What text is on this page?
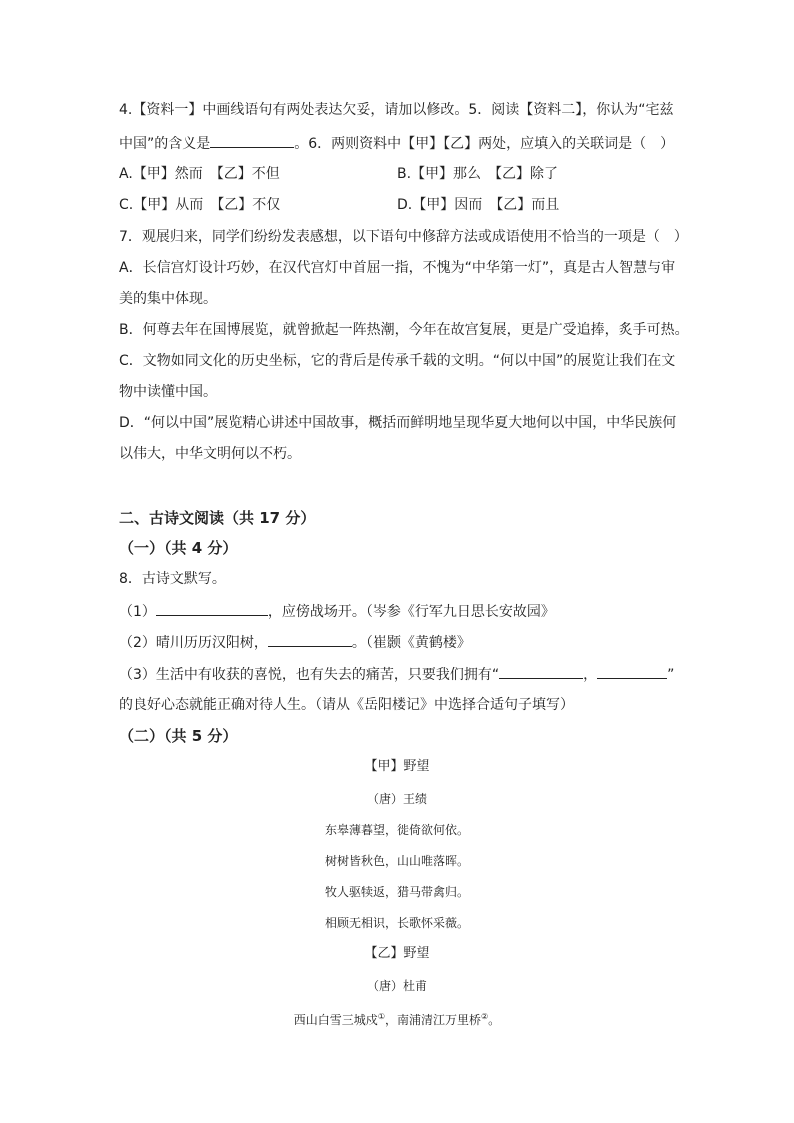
4.【资料一】中画线语句有两处表达欠妥，请加以修改。5．阅读【资料二】，你认为“宅兹
中国”的含义是	。6．两则资料中【甲】【乙】两处，应填入的关联词是（　）
A.【甲】然而　【乙】不但	B.【甲】那么　【乙】除了
C.【甲】从而　【乙】不仅	D.【甲】因而　【乙】而且
7．观展归来，同学们纷纷发表感想，以下语句中修辞方法或成语使用不恰当的一项是（　）
A．长信宫灯设计巧妙，在汉代宫灯中首屈一指，不愧为“中华第一灯”，真是古人智慧与审
美的集中体现。
B．何尊去年在国博展览，就曾掀起一阵热潮，今年在故宫复展，更是广受追捧，炙手可热。
C．文物如同文化的历史坐标，它的背后是传承千载的文明。“何以中国”的展览让我们在文
物中读懂中国。
D．“何以中国”展览精心讲述中国故事，概括而鲜明地呈现华夏大地何以中国，中华民族何
以伟大，中华文明何以不朽。
二、古诗文阅读（共 17 分）
（一）（共 4 分）
8．古诗文默写。
（1）	，应傍战场开。（岑参《行军九日思长安故园》
（2）晴川历历汉阳树，	。（崔颢《黄鹤楼》
（3）生活中有收获的喜悦，也有失去的痛苦，只要我们拥有“	，	”
的良好心态就能正确对待人生。（请从《岳阳楼记》中选择合适句子填写）
（二）（共 5 分）
【甲】野望
（唐）王绩
东皋薄暮望，徙倚欲何依。
树树皆秋色，山山唯落晖。
牧人驱犊返，猎马带禽归。
相顾无相识，长歌怀采薇。
【乙】野望
（唐）杜甫
西山白雪三城戍①，南浦清江万里桥②。
